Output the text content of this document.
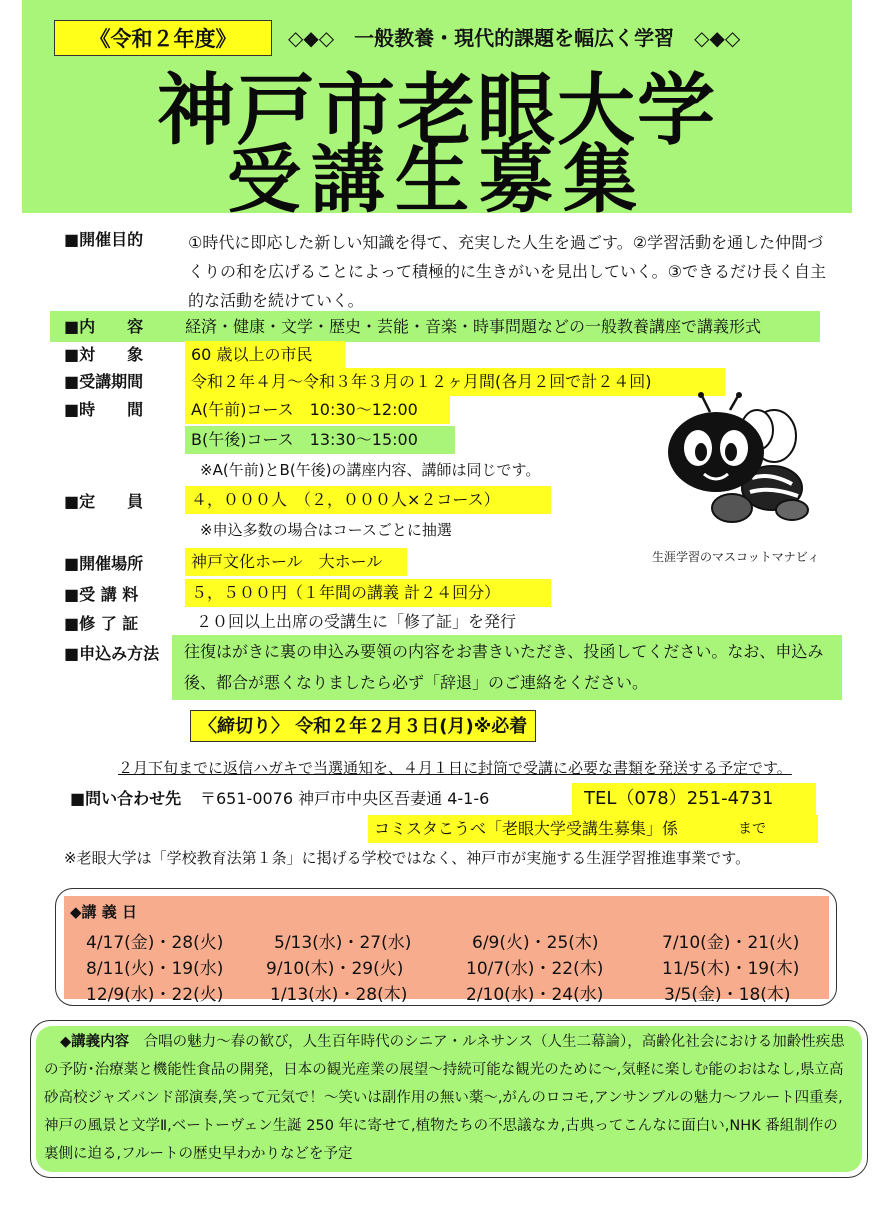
《令和２年度》	◇◆◇　一般教養・現代的課題を幅広く学習　◇◆◇
神戸市老眼大学
受講生募集
■開催目的	①時代に即応した新しい知識を得て、充実した人生を過ごす。②学習活動を通した仲間づくりの和を広げることによって積極的に生きがいを見出していく。③できるだけ長く自主的な活動を続けていく。
■内　　容	経済・健康・文学・歴史・芸能・音楽・時事問題などの一般教養講座で講義形式
■対　　象	60 歳以上の市民
■受講期間	令和２年４月～令和３年３月の１２ヶ月間(各月２回で計２４回)
■時　　間	A(午前)コース　10:30～12:00
B(午後)コース　13:30～15:00
※A(午前)とB(午後)の講座内容、講師は同じです。
■定　　員	４，０００人　（２，０００人×２コース）
※申込多数の場合はコースごとに抽選
■開催場所	神戸文化ホール　大ホール
■受 講 料	５，５００円（１年間の講義 計２４回分）
■修 了 証	２０回以上出席の受講生に「修了証」を発行
■申込み方法 往復はがきに裏の申込み要領の内容をお書きいただき、投函してください。なお、申込み後、都合が悪くなりましたら必ず「辞退」のご連絡をください。
〈締切り〉 令和２年２月３日(月)※必着
２月下旬までに返信ハガキで当選通知を、４月１日に封筒で受講に必要な書類を発送する予定です。
■問い合わせ先 〒651-0076 神戸市中央区吾妻通 4-1-6	TEL（078）251-4731
コミスタこうべ「老眼大学受講生募集」係	まで
※老眼大学は「学校教育法第１条」に掲げる学校ではなく、神戸市が実施する生涯学習推進事業です。
生涯学習のマスコットマナビィ
◆講 義 日
4/17(金)・28(火)	5/13(水)・27(水)	6/9(火)・25(木)	7/10(金)・21(火)
8/11(火)・19(水)	9/10(木)・29(火)	10/7(水)・22(木)	11/5(木)・19(木)
12/9(水)・22(火)	1/13(水)・28(木)	2/10(水)・24(水)	3/5(金)・18(木)
◆講義内容　 合唱の魅力～春の歓び，人生百年時代のシニア・ルネサンス（人生二幕論），高齢化社会における加齢性疾患の予防･治療薬と機能性食品の開発，日本の観光産業の展望～持続可能な観光のために～,気軽に楽しむ能のおはなし,県立高砂高校ジャズバンド部演奏,笑って元気で！～笑いは副作用の無い薬～,がんのロコモ,アンサンブルの魅力～フルート四重奏,神戸の風景と文学Ⅱ,ベートーヴェン生誕 250 年に寄せて,植物たちの不思議なカ,古典ってこんなに面白い,NHK 番組制作の裏側に迫る,フルートの歴史早わかりなどを予定
